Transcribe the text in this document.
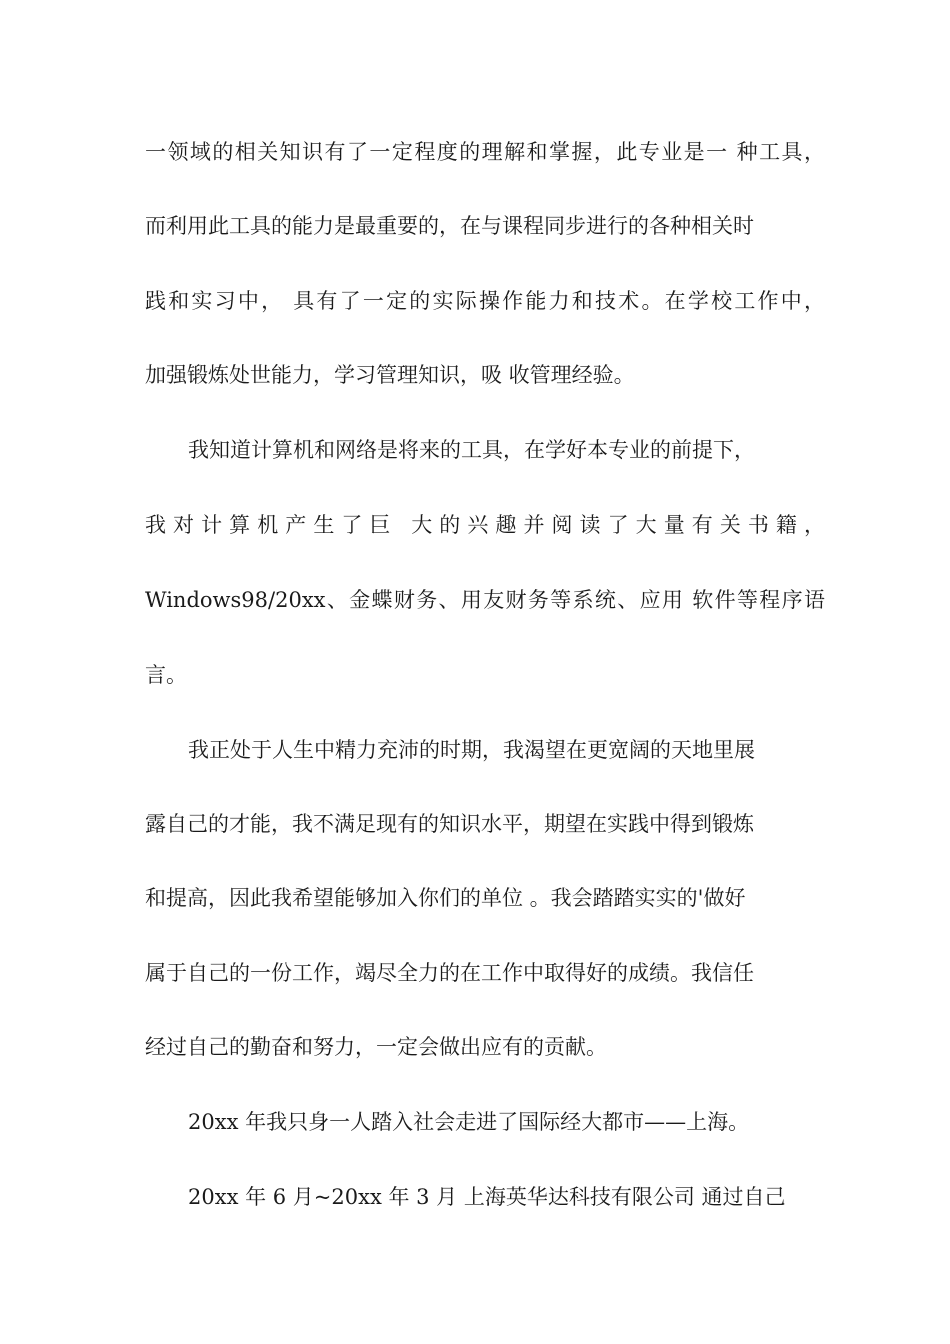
一领域的相关知识有了一定程度的理解和掌握，此专业是一 种工具，
而利用此工具的能力是最重要的，在与课程同步进行的各种相关时
践和实习中， 具有了一定的实际操作能力和技术。在学校工作中，
加强锻炼处世能力，学习管理知识，吸 收管理经验。
我知道计算机和网络是将来的工具，在学好本专业的前提下，
我对计算机产生了巨 大的兴趣并阅读了大量有关书籍，
Windows98/20xx、金蝶财务、用友财务等系统、应用 软件等程序语
言。
我正处于人生中精力充沛的时期，我渴望在更宽阔的天地里展
露自己的才能，我不满足现有的知识水平，期望在实践中得到锻炼
和提高，因此我希望能够加入你们的单位 。我会踏踏实实的'做好
属于自己的一份工作，竭尽全力的在工作中取得好的成绩。我信任
经过自己的勤奋和努力，一定会做出应有的贡献。
20xx 年我只身一人踏入社会走进了国际经大都市——上海。
20xx 年 6 月~20xx 年 3 月 上海英华达科技有限公司 通过自己
